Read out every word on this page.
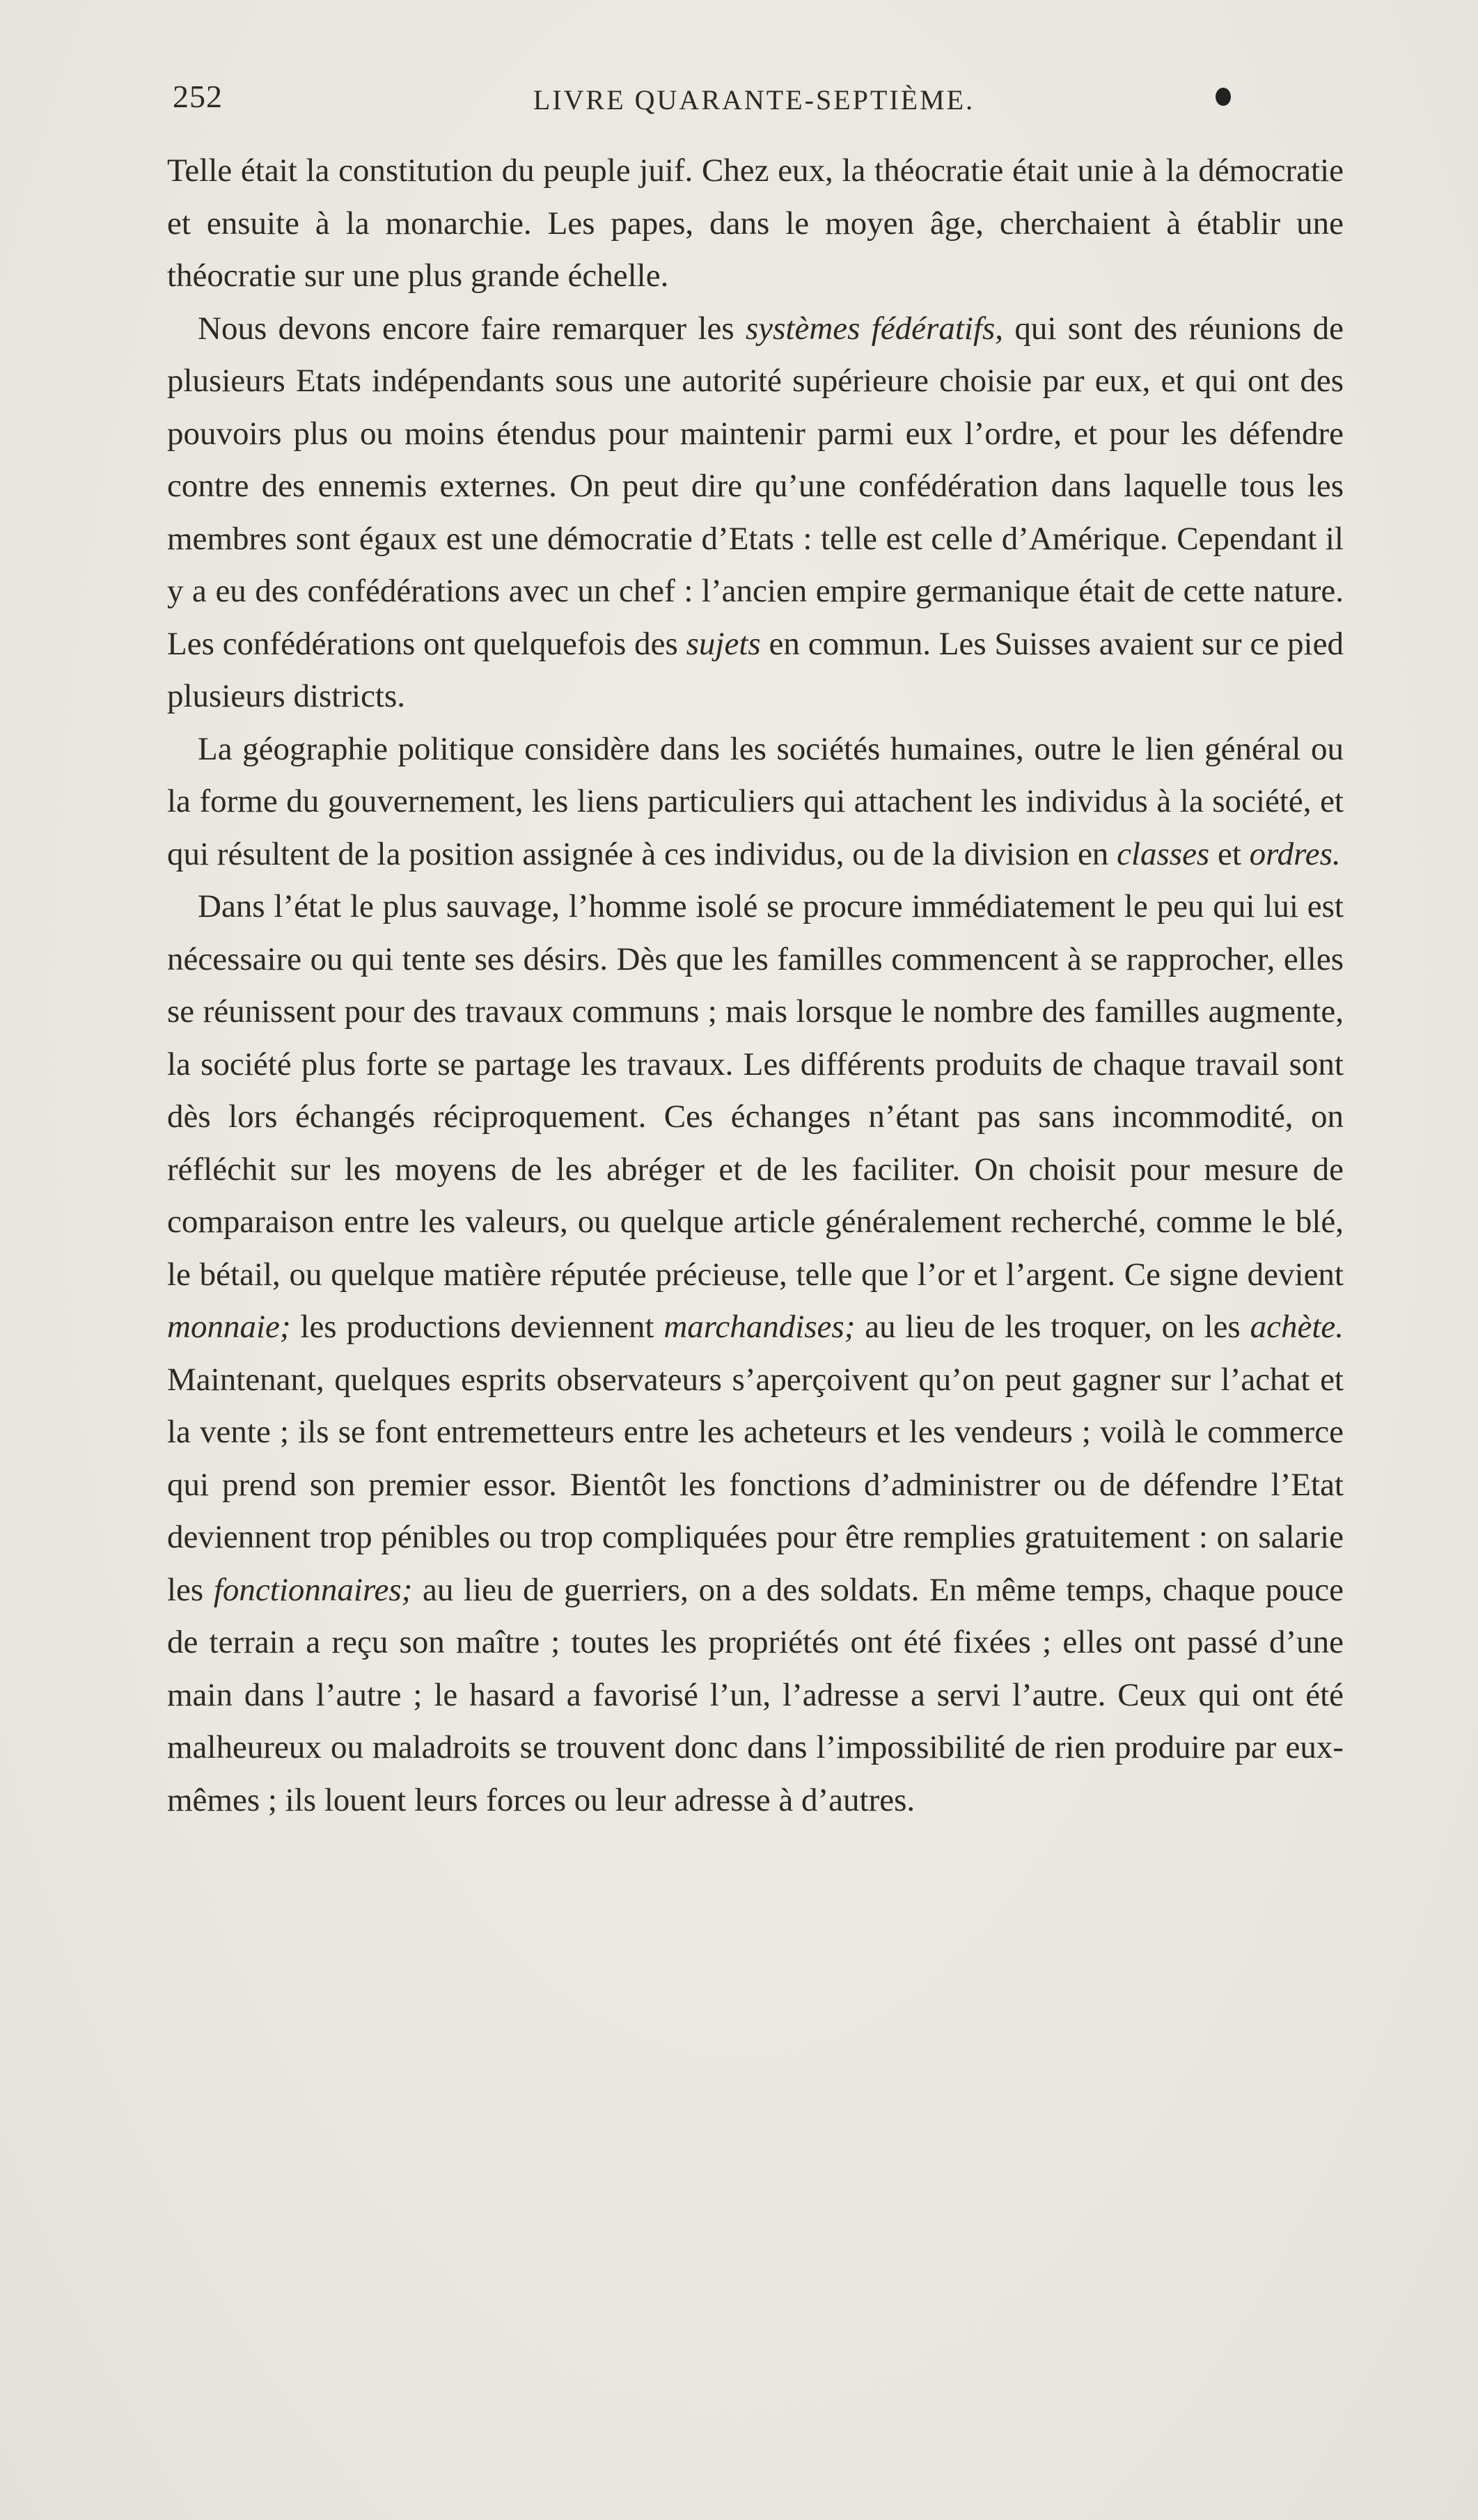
252	LIVRE QUARANTE-SEPTIÈME.

Telle était la constitution du peuple juif. Chez eux, la théocratie était unie à la démocratie et ensuite à la monarchie. Les papes, dans le moyen âge, cherchaient à établir une théocratie sur une plus grande échelle.

Nous devons encore faire remarquer les systèmes fédératifs, qui sont des réunions de plusieurs Etats indépendants sous une autorité supérieure choisie par eux, et qui ont des pouvoirs plus ou moins étendus pour maintenir parmi eux l’ordre, et pour les défendre contre des ennemis externes. On peut dire qu’une confédération dans laquelle tous les membres sont égaux est une démocratie d’Etats : telle est celle d’Amérique. Cependant il y a eu des confédérations avec un chef : l’ancien empire germanique était de cette nature. Les confédérations ont quelquefois des sujets en commun. Les Suisses avaient sur ce pied plusieurs districts.

La géographie politique considère dans les sociétés humaines, outre le lien général ou la forme du gouvernement, les liens particuliers qui attachent les individus à la société, et qui résultent de la position assignée à ces individus, ou de la division en classes et ordres.

Dans l’état le plus sauvage, l’homme isolé se procure immédiatement le peu qui lui est nécessaire ou qui tente ses désirs. Dès que les familles commencent à se rapprocher, elles se réunissent pour des travaux communs ; mais lorsque le nombre des familles augmente, la société plus forte se partage les travaux. Les différents produits de chaque travail sont dès lors échangés réciproquement. Ces échanges n’étant pas sans incommodité, on réfléchit sur les moyens de les abréger et de les faciliter. On choisit pour mesure de comparaison entre les valeurs, ou quelque article généralement recherché, comme le blé, le bétail, ou quelque matière réputée précieuse, telle que l’or et l’argent. Ce signe devient monnaie; les productions deviennent marchandises; au lieu de les troquer, on les achète. Maintenant, quelques esprits observateurs s’aperçoivent qu’on peut gagner sur l’achat et la vente ; ils se font entremetteurs entre les acheteurs et les vendeurs ; voilà le commerce qui prend son premier essor. Bientôt les fonctions d’administrer ou de défendre l’Etat deviennent trop pénibles ou trop compliquées pour être remplies gratuitement : on salarie les fonctionnaires; au lieu de guerriers, on a des soldats. En même temps, chaque pouce de terrain a reçu son maître ; toutes les propriétés ont été fixées ; elles ont passé d’une main dans l’autre ; le hasard a favorisé l’un, l’adresse a servi l’autre. Ceux qui ont été malheureux ou maladroits se trouvent donc dans l’impossibilité de rien produire par eux-mêmes ; ils louent leurs forces ou leur adresse à d’autres.
